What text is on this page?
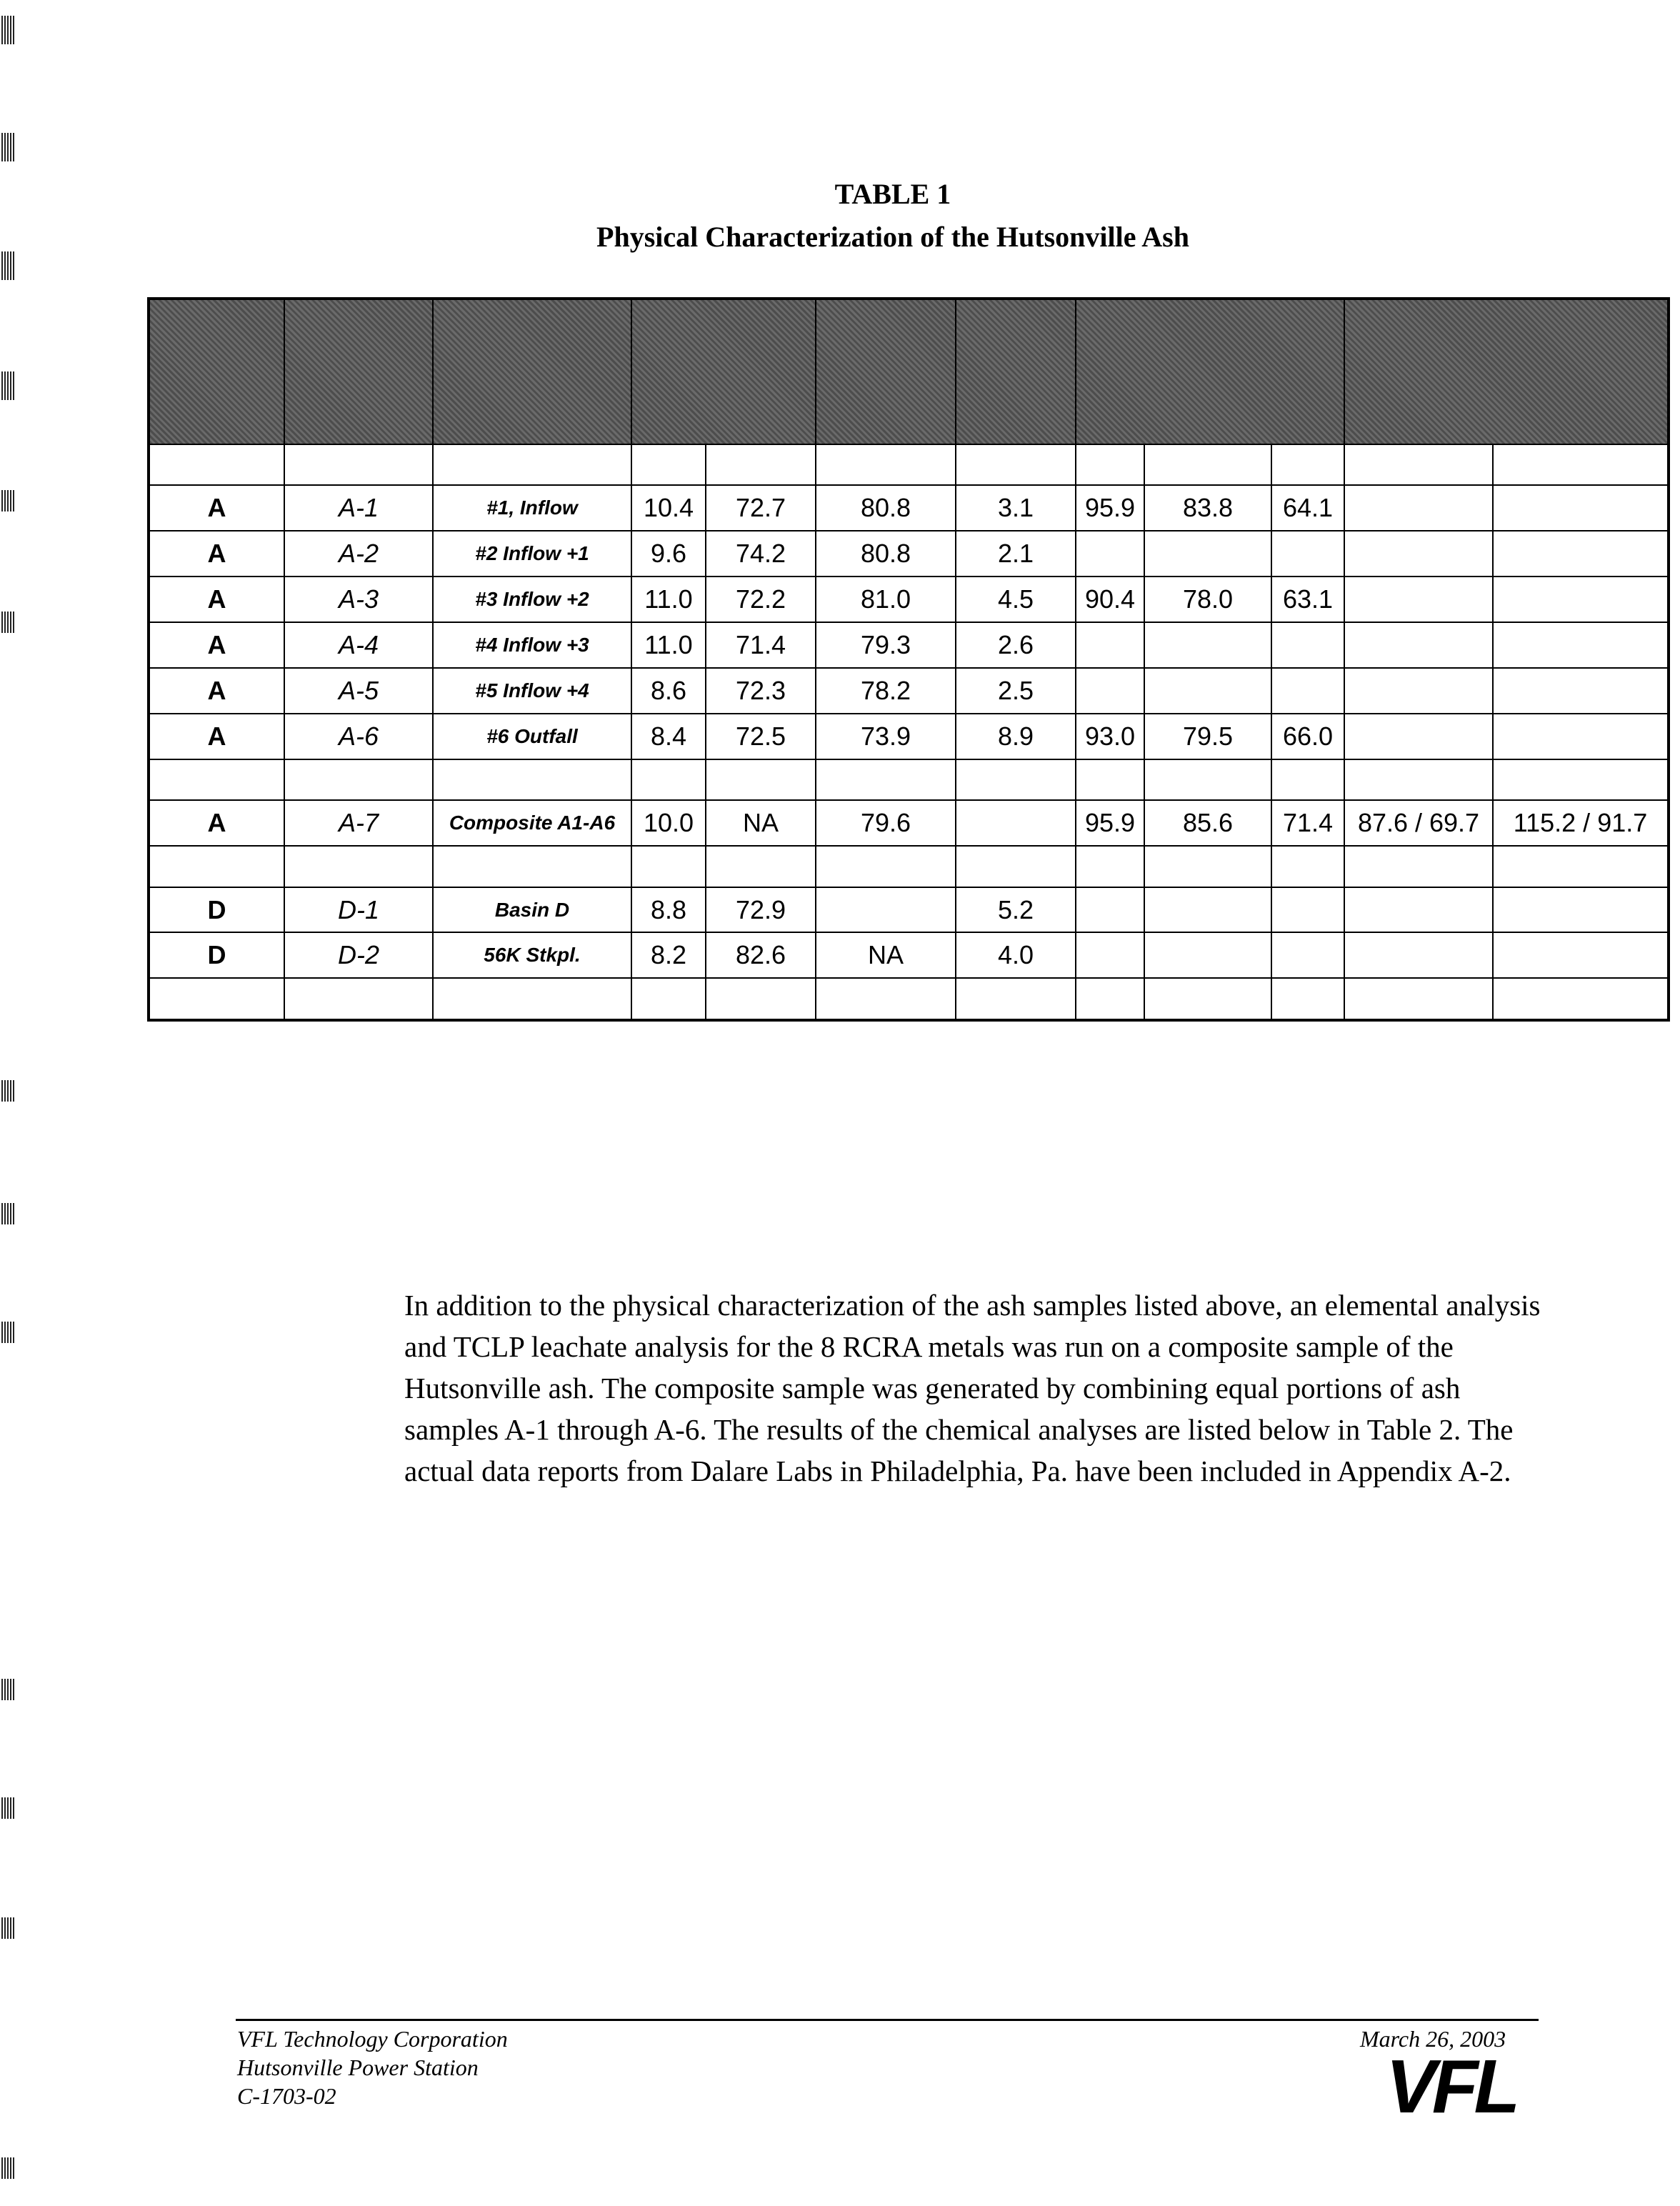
TABLE 1
Physical Characterization of the Hutsonville Ash

A	A-1	#1, Inflow	10.4	72.7	80.8	3.1	95.9	83.8	64.1		
A	A-2	#2 Inflow +1	9.6	74.2	80.8	2.1					
A	A-3	#3 Inflow +2	11.0	72.2	81.0	4.5	90.4	78.0	63.1		
A	A-4	#4 Inflow +3	11.0	71.4	79.3	2.6					
A	A-5	#5 Inflow +4	8.6	72.3	78.2	2.5					
A	A-6	#6 Outfall	8.4	72.5	73.9	8.9	93.0	79.5	66.0		

A	A-7	Composite A1-A6	10.0	NA	79.6		95.9	85.6	71.4	87.6 / 69.7	115.2 / 91.7

D	D-1	Basin D	8.8	72.9		5.2					
D	D-2	56K Stkpl.	8.2	82.6	NA	4.0					

In addition to the physical characterization of the ash samples listed above, an elemental analysis and TCLP leachate analysis for the 8 RCRA metals was run on a composite sample of the Hutsonville ash. The composite sample was generated by combining equal portions of ash samples A-1 through A-6. The results of the chemical analyses are listed below in Table 2. The actual data reports from Dalare Labs in Philadelphia, Pa. have been included in Appendix A-2.
VFL Technology Corporation
Hutsonville Power Station
C-1703-02
March 26, 2003
VFL
